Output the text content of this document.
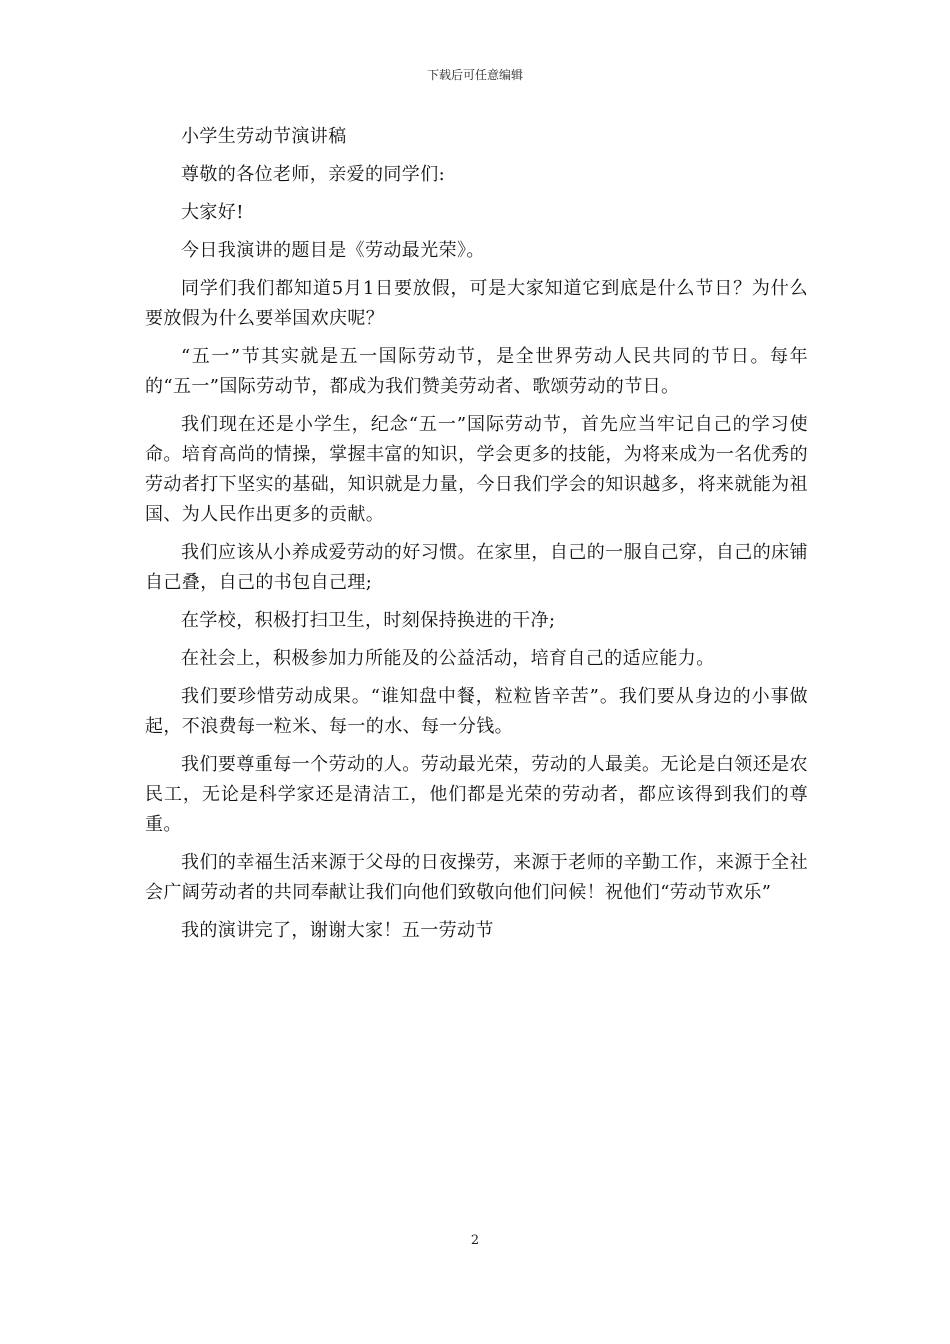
下载后可任意编辑

小学生劳动节演讲稿

尊敬的各位老师，亲爱的同学们:

大家好!

今日我演讲的题目是《劳动最光荣》。

同学们我们都知道5月1日要放假，可是大家知道它到底是什么节日？为什么要放假为什么要举国欢庆呢？

“五一”节其实就是五一国际劳动节，是全世界劳动人民共同的节日。每年的“五一”国际劳动节，都成为我们赞美劳动者、歌颂劳动的节日。

我们现在还是小学生，纪念“五一”国际劳动节，首先应当牢记自己的学习使命。培育高尚的情操，掌握丰富的知识，学会更多的技能，为将来成为一名优秀的劳动者打下坚实的基础，知识就是力量，今日我们学会的知识越多，将来就能为祖国、为人民作出更多的贡献。

我们应该从小养成爱劳动的好习惯。在家里，自己的一服自己穿，自己的床铺自己叠，自己的书包自己理;

在学校，积极打扫卫生，时刻保持换进的干净;

在社会上，积极参加力所能及的公益活动，培育自己的适应能力。

我们要珍惜劳动成果。“谁知盘中餐，粒粒皆辛苦”。我们要从身边的小事做起，不浪费每一粒米、每一的水、每一分钱。

我们要尊重每一个劳动的人。劳动最光荣，劳动的人最美。无论是白领还是农民工，无论是科学家还是清洁工，他们都是光荣的劳动者，都应该得到我们的尊重。

我们的幸福生活来源于父母的日夜操劳，来源于老师的辛勤工作，来源于全社会广阔劳动者的共同奉献让我们向他们致敬向他们问候！祝他们“劳动节欢乐”

我的演讲完了，谢谢大家！五一劳动节

2
